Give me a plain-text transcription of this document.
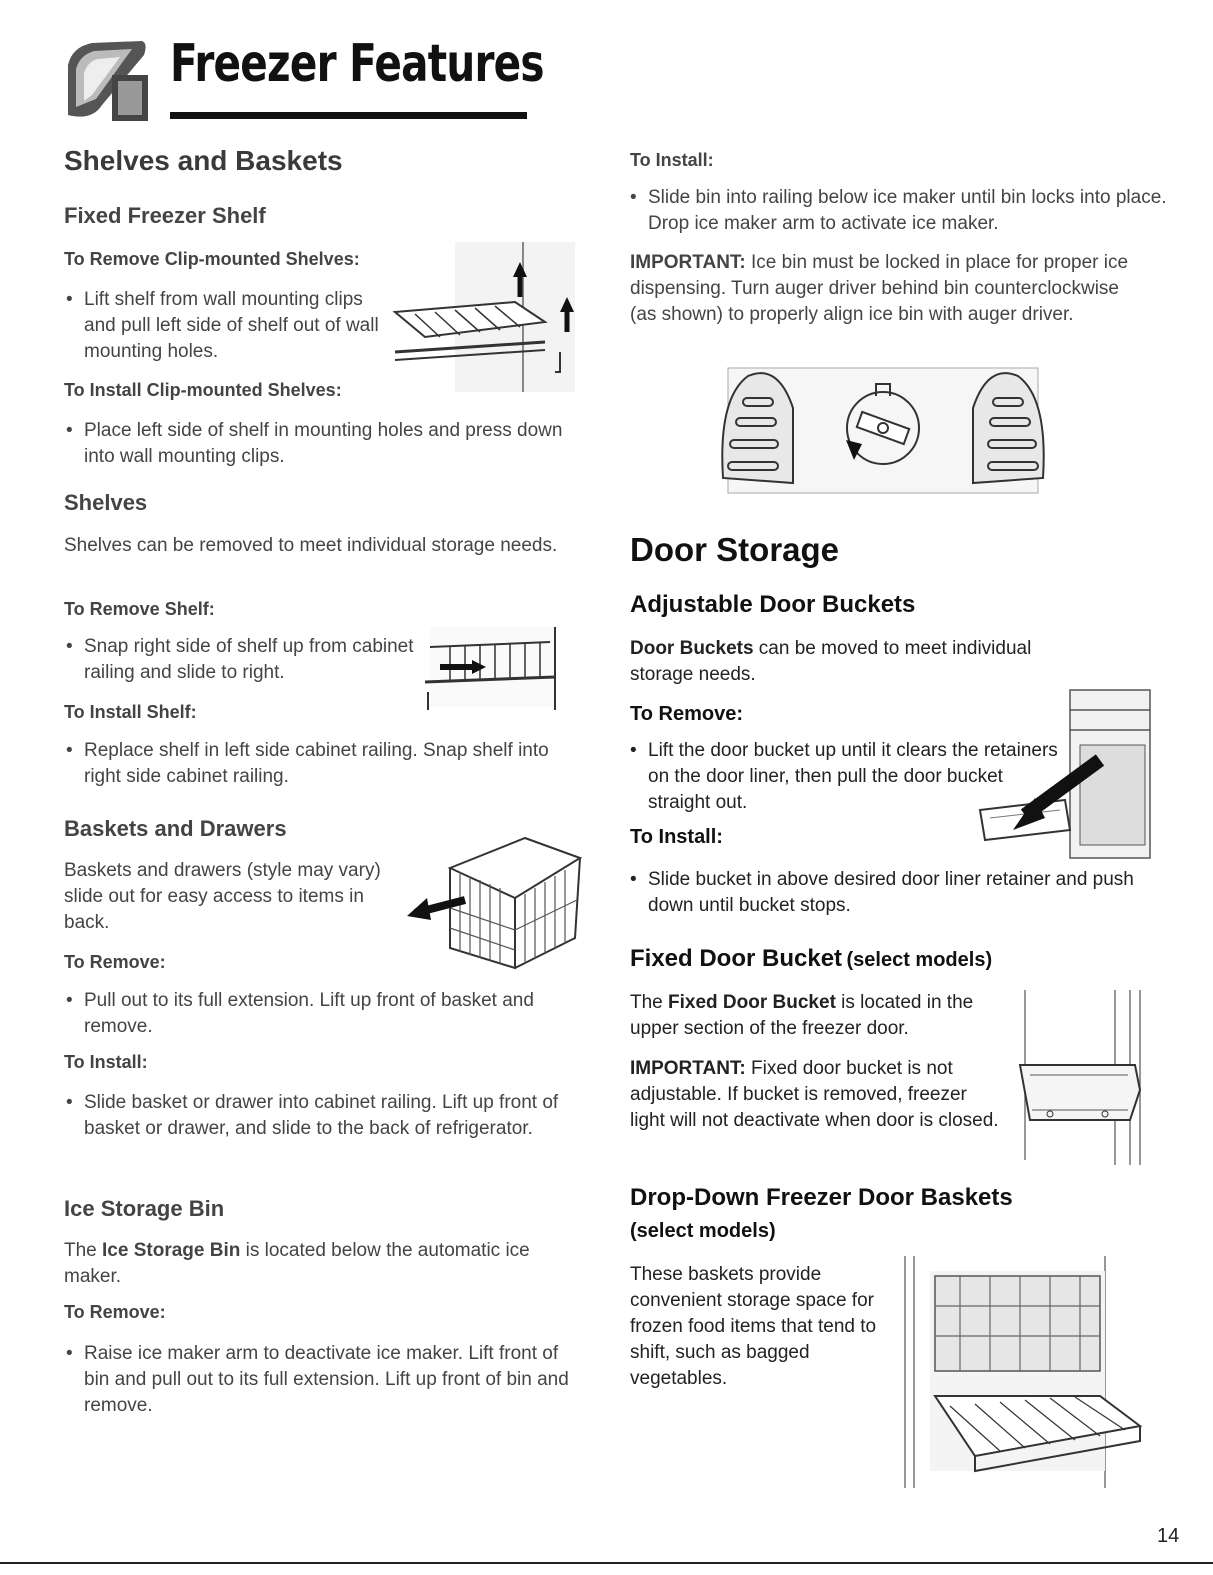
Freezer Features
Shelves and Baskets
Fixed Freezer Shelf
To Remove Clip-mounted Shelves:
• Lift shelf from wall mounting clips and pull left side of shelf out of wall mounting holes.
To Install Clip-mounted Shelves:
• Place left side of shelf in mounting holes and press down into wall mounting clips.
Shelves
Shelves can be removed to meet individual storage needs.
To Remove Shelf:
• Snap right side of shelf up from cabinet railing and slide to right.
To Install Shelf:
• Replace shelf in left side cabinet railing. Snap shelf into right side cabinet railing.
Baskets and Drawers
Baskets and drawers (style may vary) slide out for easy access to items in back.
To Remove:
• Pull out to its full extension. Lift up front of basket and remove.
To Install:
• Slide basket or drawer into cabinet railing. Lift up front of basket or drawer, and slide to the back of refrigerator.
Ice Storage Bin
The Ice Storage Bin is located below the automatic ice maker.
To Remove:
• Raise ice maker arm to deactivate ice maker. Lift front of bin and pull out to its full extension. Lift up front of bin and remove.
To Install:
• Slide bin into railing below ice maker until bin locks into place. Drop ice maker arm to activate ice maker.
IMPORTANT: Ice bin must be locked in place for proper ice dispensing. Turn auger driver behind bin counterclockwise (as shown) to properly align ice bin with auger driver.
Door Storage
Adjustable Door Buckets
Door Buckets can be moved to meet individual storage needs.
To Remove:
• Lift the door bucket up until it clears the retainers on the door liner, then pull the door bucket straight out.
To Install:
• Slide bucket in above desired door liner retainer and push down until bucket stops.
Fixed Door Bucket (select models)
The Fixed Door Bucket is located in the upper section of the freezer door.
IMPORTANT: Fixed door bucket is not adjustable. If bucket is removed, freezer light will not deactivate when door is closed.
Drop-Down Freezer Door Baskets
(select models)
These baskets provide convenient storage space for frozen food items that tend to shift, such as bagged vegetables.
14
